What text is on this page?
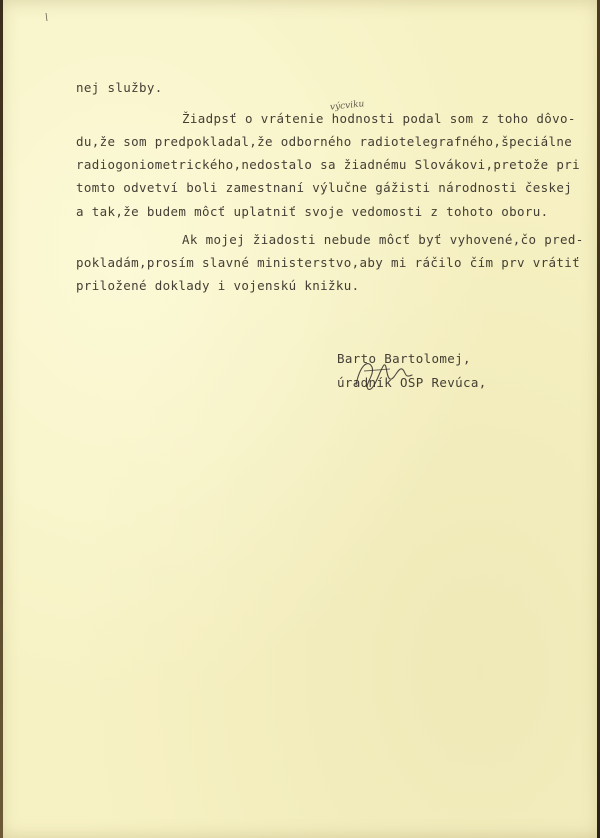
nej služby.
Žiadpsť o vrátenie hodnosti podal som z toho dôvo-
du,že som predpokladal,že odborného radiotelegrafného,špeciálne
radiogoniometrického,nedostalo sa žiadnému Slovákovi,pretože pri
tomto odvetví boli zamestnaní výlučne gážisti národnosti českej
a tak,že budem môcť uplatniť svoje vedomosti z tohoto oboru.
Ak mojej žiadosti nebude môcť byť vyhovené,čo pred-
pokladám,prosím slavné ministerstvo,aby mi ráčilo čím prv vrátiť
priložené doklady i vojenskú knižku.
výcviku
Barto Bartolomej,
úradník OSP Revúca,
